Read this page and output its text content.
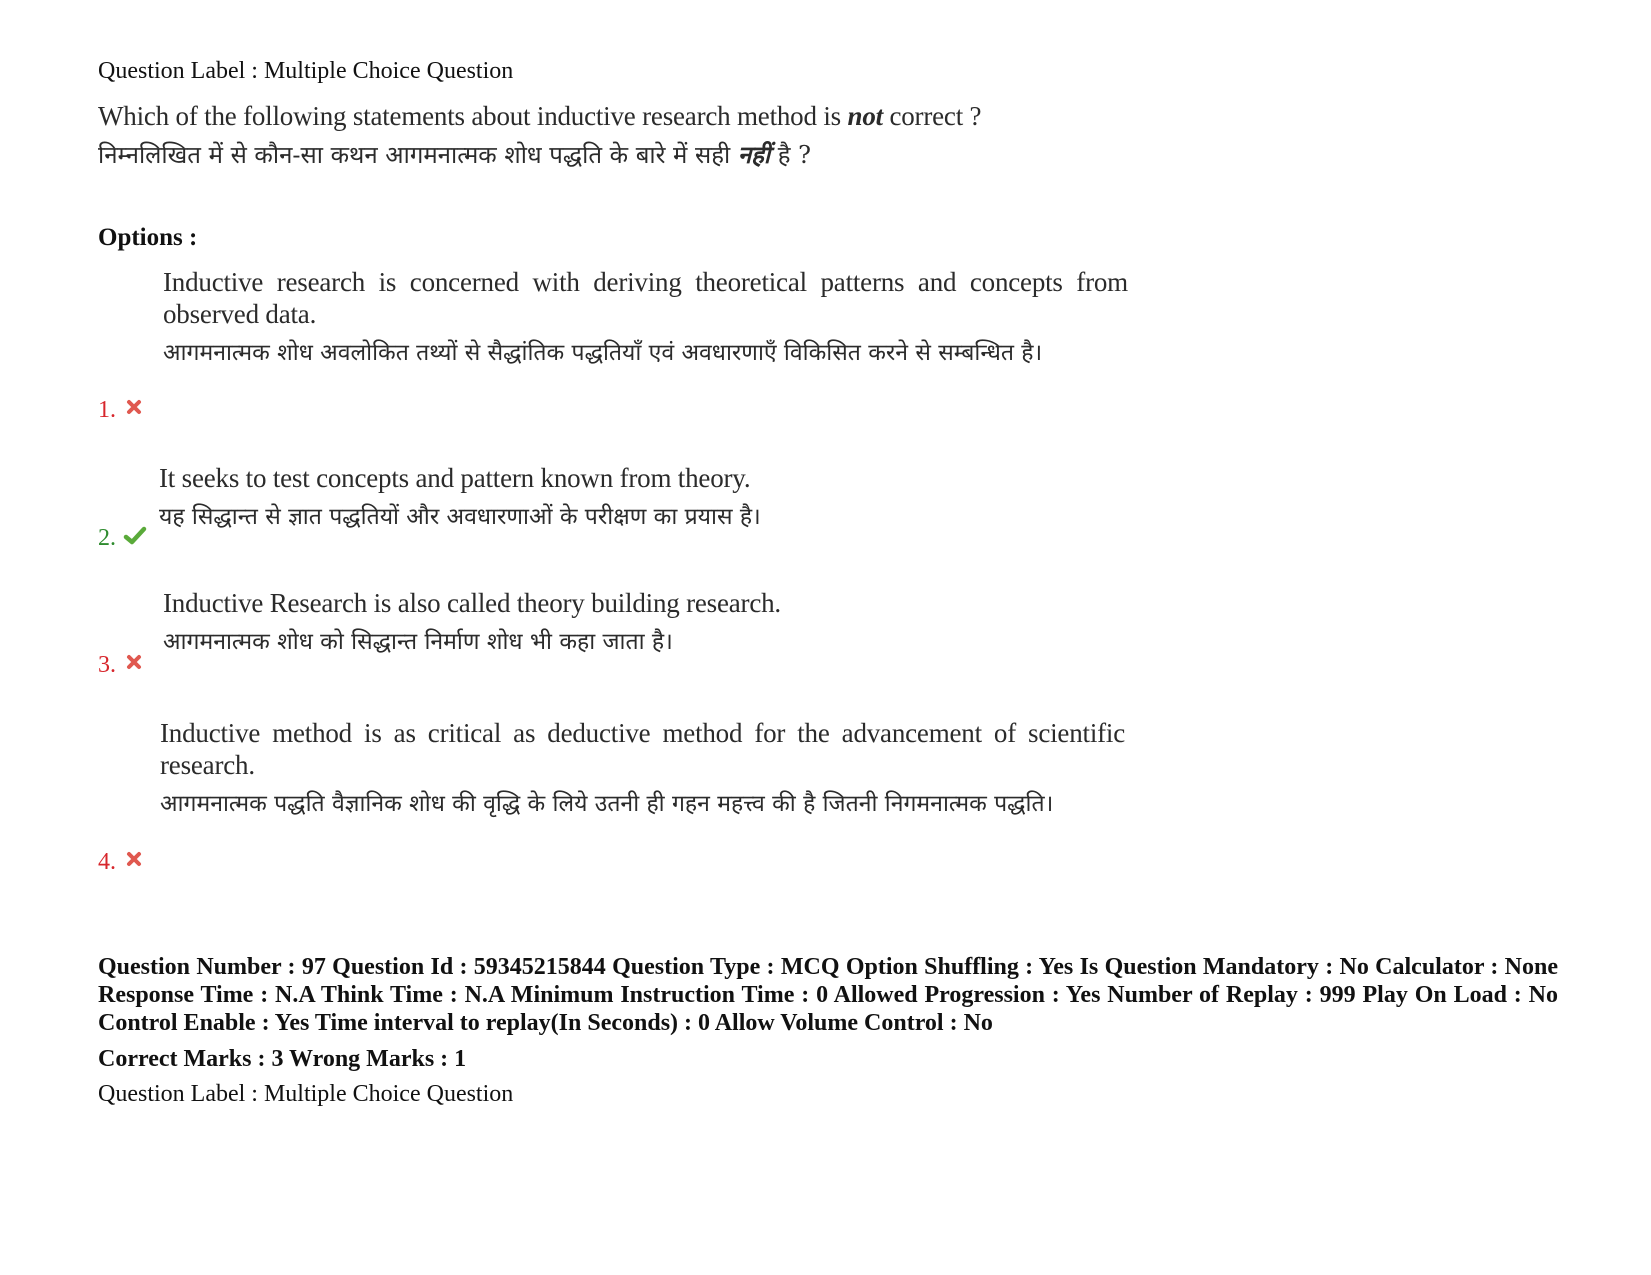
Question Label : Multiple Choice Question
Which of the following statements about inductive research method is not correct ?
निम्नलिखित में से कौन-सा कथन आगमनात्मक शोध पद्धति के बारे में सही नहीं है ?
Options :
Inductive research is concerned with deriving theoretical patterns and concepts from observed data.
आगमनात्मक शोध अवलोकित तथ्यों से सैद्धांतिक पद्धतियाँ एवं अवधारणाएँ विकिसित करने से सम्बन्धित है।
1.
It seeks to test concepts and pattern known from theory.
यह सिद्धान्त से ज्ञात पद्धतियों और अवधारणाओं के परीक्षण का प्रयास है।
2.
Inductive Research is also called theory building research.
आगमनात्मक शोध को सिद्धान्त निर्माण शोध भी कहा जाता है।
3.
Inductive method is as critical as deductive method for the advancement of scientific research.
आगमनात्मक पद्धति वैज्ञानिक शोध की वृद्धि के लिये उतनी ही गहन महत्त्व की है जितनी निगमनात्मक पद्धति।
4.
Question Number : 97 Question Id : 59345215844 Question Type : MCQ Option Shuffling : Yes Is Question Mandatory : No Calculator : None Response Time : N.A Think Time : N.A Minimum Instruction Time : 0 Allowed Progression : Yes Number of Replay : 999 Play On Load : No Control Enable : Yes Time interval to replay(In Seconds) : 0 Allow Volume Control : No
Correct Marks : 3 Wrong Marks : 1
Question Label : Multiple Choice Question
